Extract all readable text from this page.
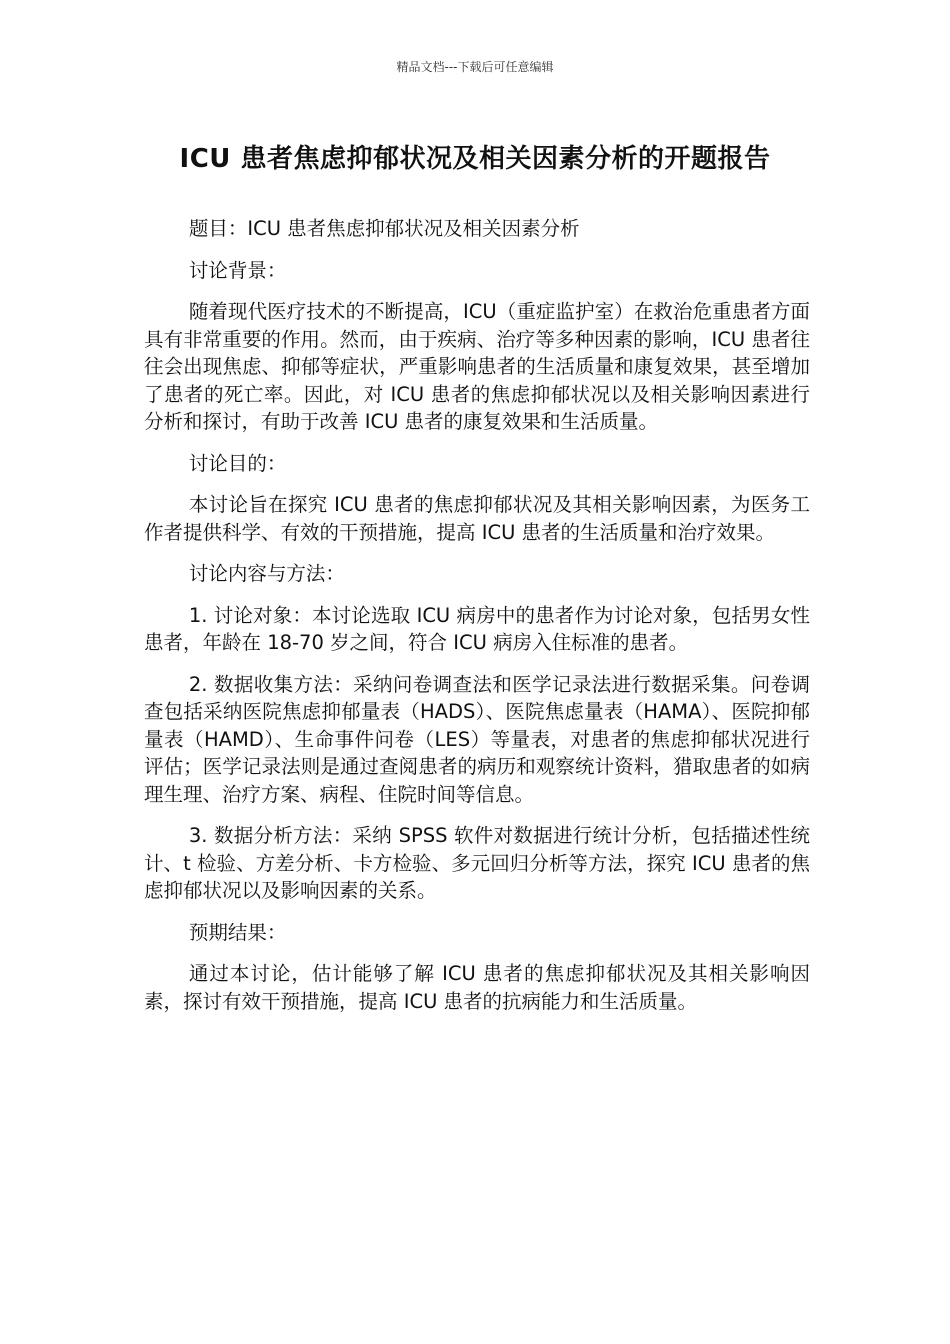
精品文档---下载后可任意编辑
ICU 患者焦虑抑郁状况及相关因素分析的开题报告

题目：ICU 患者焦虑抑郁状况及相关因素分析

讨论背景：

随着现代医疗技术的不断提高，ICU（重症监护室）在救治危重患者方面具有非常重要的作用。然而，由于疾病、治疗等多种因素的影响，ICU 患者往往会出现焦虑、抑郁等症状，严重影响患者的生活质量和康复效果，甚至增加了患者的死亡率。因此，对 ICU 患者的焦虑抑郁状况以及相关影响因素进行分析和探讨，有助于改善 ICU 患者的康复效果和生活质量。

讨论目的：

本讨论旨在探究 ICU 患者的焦虑抑郁状况及其相关影响因素，为医务工作者提供科学、有效的干预措施，提高 ICU 患者的生活质量和治疗效果。

讨论内容与方法：

1. 讨论对象：本讨论选取 ICU 病房中的患者作为讨论对象，包括男女性患者，年龄在 18-70 岁之间，符合 ICU 病房入住标准的患者。

2. 数据收集方法：采纳问卷调查法和医学记录法进行数据采集。问卷调查包括采纳医院焦虑抑郁量表（HADS）、医院焦虑量表（HAMA）、医院抑郁量表（HAMD）、生命事件问卷（LES）等量表，对患者的焦虑抑郁状况进行评估；医学记录法则是通过查阅患者的病历和观察统计资料，猎取患者的如病理生理、治疗方案、病程、住院时间等信息。

3. 数据分析方法：采纳 SPSS 软件对数据进行统计分析，包括描述性统计、t 检验、方差分析、卡方检验、多元回归分析等方法，探究 ICU 患者的焦虑抑郁状况以及影响因素的关系。

预期结果：

通过本讨论，估计能够了解 ICU 患者的焦虑抑郁状况及其相关影响因素，探讨有效干预措施，提高 ICU 患者的抗病能力和生活质量。
